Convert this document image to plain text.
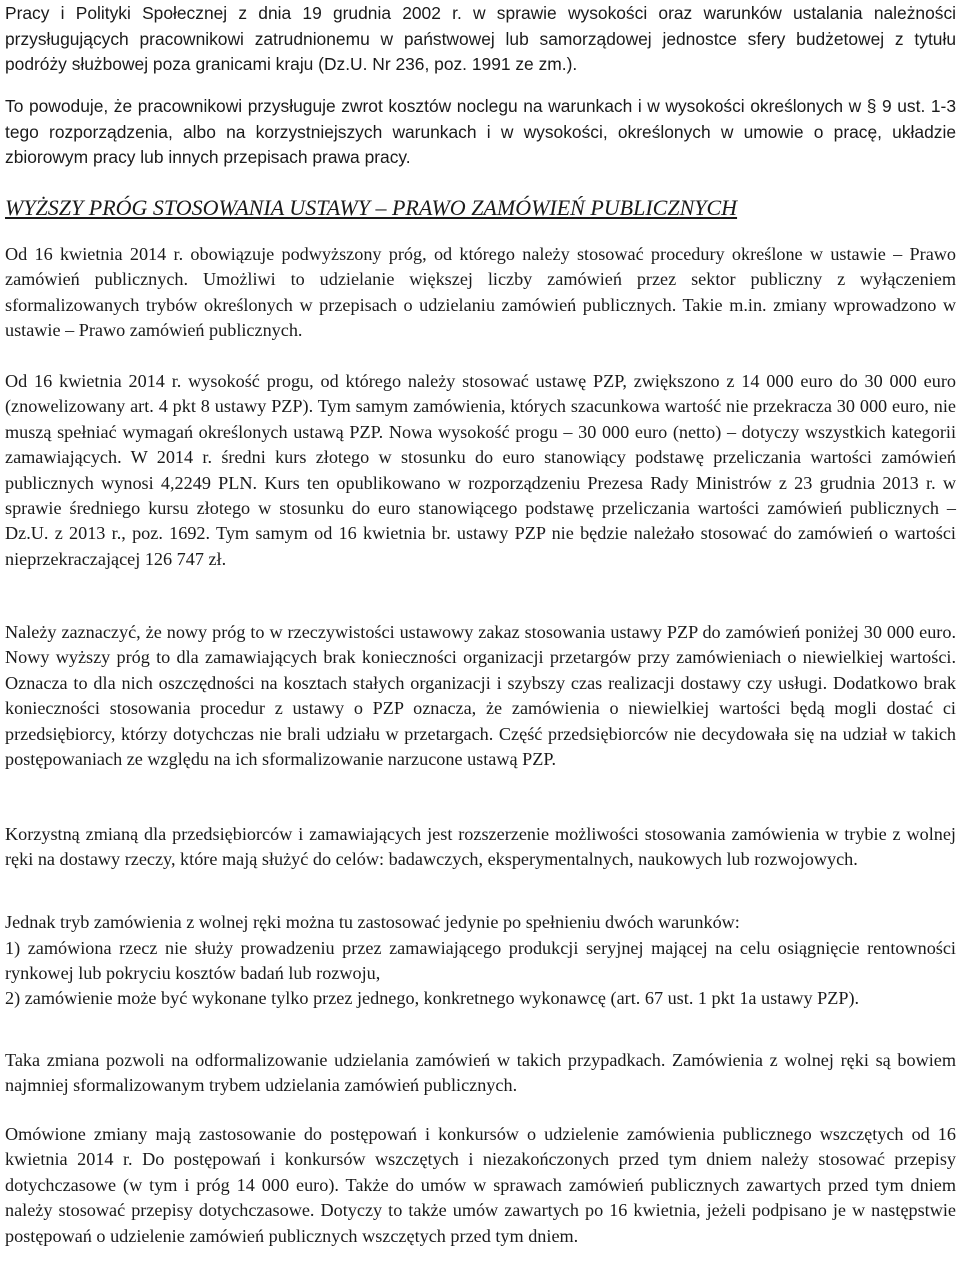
Pracy i Polityki Społecznej z dnia 19 grudnia 2002 r. w sprawie wysokości oraz warunków ustalania należności przysługujących pracownikowi zatrudnionemu w państwowej lub samorządowej jednostce sfery budżetowej z tytułu podróży służbowej poza granicami kraju (Dz.U. Nr 236, poz. 1991 ze zm.).

To powoduje, że pracownikowi przysługuje zwrot kosztów noclegu na warunkach i w wysokości określonych w § 9 ust. 1-3 tego rozporządzenia, albo na korzystniejszych warunkach i w wysokości, określonych w umowie o pracę, układzie zbiorowym pracy lub innych przepisach prawa pracy.

WYŻSZY PRÓG STOSOWANIA USTAWY – PRAWO ZAMÓWIEŃ PUBLICZNYCH

Od 16 kwietnia 2014 r. obowiązuje podwyższony próg, od którego należy stosować procedury określone w ustawie – Prawo zamówień publicznych. Umożliwi to udzielanie większej liczby zamówień przez sektor publiczny z wyłączeniem sformalizowanych trybów określonych w przepisach o udzielaniu zamówień publicznych. Takie m.in. zmiany wprowadzono w ustawie – Prawo zamówień publicznych.

Od 16 kwietnia 2014 r. wysokość progu, od którego należy stosować ustawę PZP, zwiększono z 14 000 euro do 30 000 euro (znowelizowany art. 4 pkt 8 ustawy PZP). Tym samym zamówienia, których szacunkowa wartość nie przekracza 30 000 euro, nie muszą spełniać wymagań określonych ustawą PZP. Nowa wysokość progu – 30 000 euro (netto) – dotyczy wszystkich kategorii zamawiających. W 2014 r. średni kurs złotego w stosunku do euro stanowiący podstawę przeliczania wartości zamówień publicznych wynosi 4,2249 PLN. Kurs ten opublikowano w rozporządzeniu Prezesa Rady Ministrów z 23 grudnia 2013 r. w sprawie średniego kursu złotego w stosunku do euro stanowiącego podstawę przeliczania wartości zamówień publicznych – Dz.U. z 2013 r., poz. 1692. Tym samym od 16 kwietnia br. ustawy PZP nie będzie należało stosować do zamówień o wartości nieprzekraczającej 126 747 zł.

Należy zaznaczyć, że nowy próg to w rzeczywistości ustawowy zakaz stosowania ustawy PZP do zamówień poniżej 30 000 euro. Nowy wyższy próg to dla zamawiających brak konieczności organizacji przetargów przy zamówieniach o niewielkiej wartości. Oznacza to dla nich oszczędności na kosztach stałych organizacji i szybszy czas realizacji dostawy czy usługi. Dodatkowo brak konieczności stosowania procedur z ustawy o PZP oznacza, że zamówienia o niewielkiej wartości będą mogli dostać ci przedsiębiorcy, którzy dotychczas nie brali udziału w przetargach. Część przedsiębiorców nie decydowała się na udział w takich postępowaniach ze względu na ich sformalizowanie narzucone ustawą PZP.

Korzystną zmianą dla przedsiębiorców i zamawiających jest rozszerzenie możliwości stosowania zamówienia w trybie z wolnej ręki na dostawy rzeczy, które mają służyć do celów: badawczych, eksperymentalnych, naukowych lub rozwojowych.

Jednak tryb zamówienia z wolnej ręki można tu zastosować jedynie po spełnieniu dwóch warunków:

1) zamówiona rzecz nie służy prowadzeniu przez zamawiającego produkcji seryjnej mającej na celu osiągnięcie rentowności rynkowej lub pokryciu kosztów badań lub rozwoju,

2) zamówienie może być wykonane tylko przez jednego, konkretnego wykonawcę (art. 67 ust. 1 pkt 1a ustawy PZP).

Taka zmiana pozwoli na odformalizowanie udzielania zamówień w takich przypadkach. Zamówienia z wolnej ręki są bowiem najmniej sformalizowanym trybem udzielania zamówień publicznych.

Omówione zmiany mają zastosowanie do postępowań i konkursów o udzielenie zamówienia publicznego wszczętych od 16 kwietnia 2014 r. Do postępowań i konkursów wszczętych i niezakończonych przed tym dniem należy stosować przepisy dotychczasowe (w tym i próg 14 000 euro). Także do umów w sprawach zamówień publicznych zawartych przed tym dniem należy stosować przepisy dotychczasowe. Dotyczy to także umów zawartych po 16 kwietnia, jeżeli podpisano je w następstwie postępowań o udzielenie zamówień publicznych wszczętych przed tym dniem.
